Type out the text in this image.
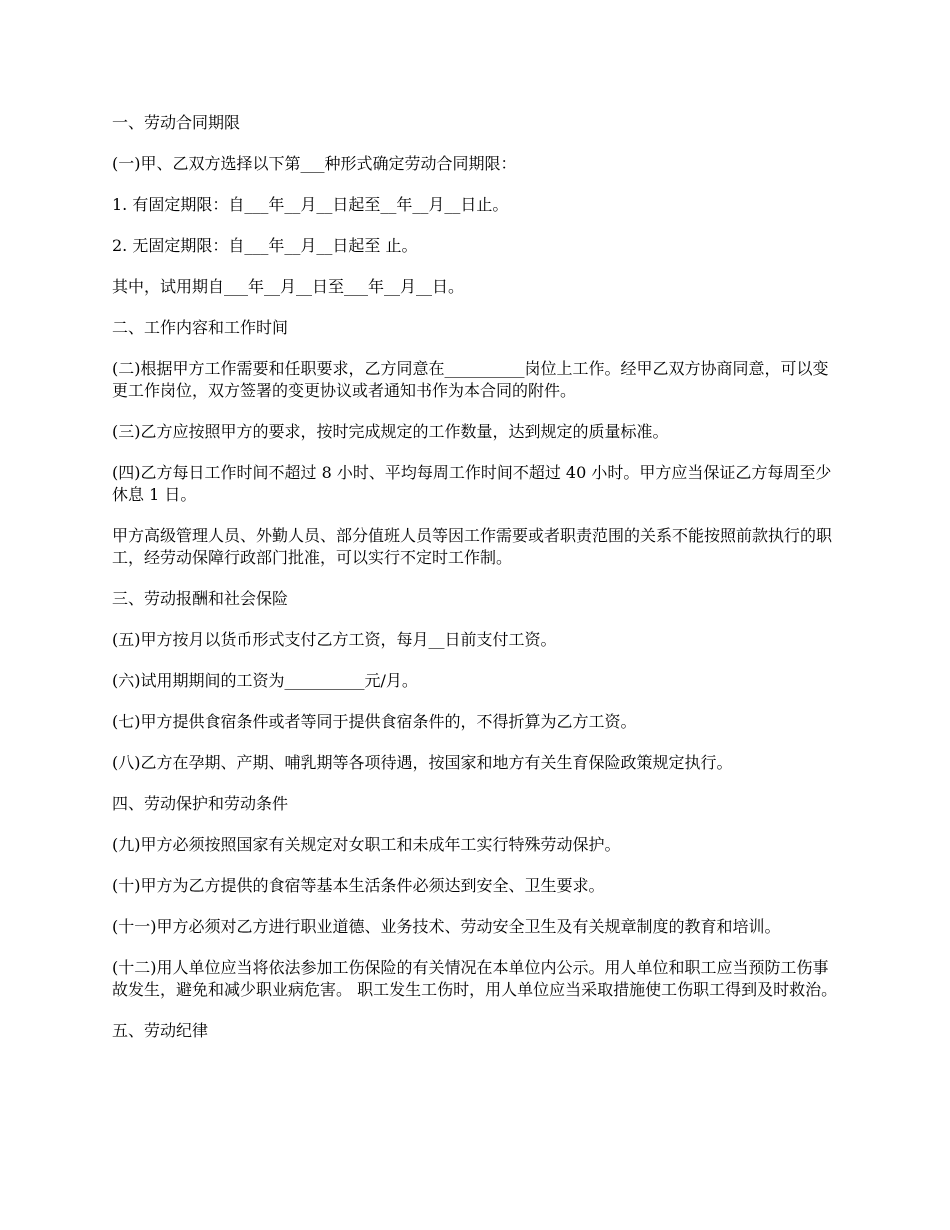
一、劳动合同期限

(一)甲、乙双方选择以下第___种形式确定劳动合同期限：

1. 有固定期限：自___年__月__日起至__年__月__日止。

2. 无固定期限：自___年__月__日起至 止。

其中，试用期自___年__月__日至___年__月__日。

二、工作内容和工作时间

(二)根据甲方工作需要和任职要求，乙方同意在__________岗位上工作。经甲乙双方协商同意，可以变更工作岗位，双方签署的变更协议或者通知书作为本合同的附件。

(三)乙方应按照甲方的要求，按时完成规定的工作数量，达到规定的质量标准。

(四)乙方每日工作时间不超过 8 小时、平均每周工作时间不超过 40 小时。甲方应当保证乙方每周至少休息 1 日。

甲方高级管理人员、外勤人员、部分值班人员等因工作需要或者职责范围的关系不能按照前款执行的职工，经劳动保障行政部门批准，可以实行不定时工作制。

三、劳动报酬和社会保险

(五)甲方按月以货币形式支付乙方工资，每月__日前支付工资。

(六)试用期期间的工资为__________元/月。

(七)甲方提供食宿条件或者等同于提供食宿条件的，不得折算为乙方工资。

(八)乙方在孕期、产期、哺乳期等各项待遇，按国家和地方有关生育保险政策规定执行。

四、劳动保护和劳动条件

(九)甲方必须按照国家有关规定对女职工和未成年工实行特殊劳动保护。

(十)甲方为乙方提供的食宿等基本生活条件必须达到安全、卫生要求。

(十一)甲方必须对乙方进行职业道德、业务技术、劳动安全卫生及有关规章制度的教育和培训。

(十二)用人单位应当将依法参加工伤保险的有关情况在本单位内公示。用人单位和职工应当预防工伤事故发生，避免和减少职业病危害。 职工发生工伤时，用人单位应当采取措施使工伤职工得到及时救治。

五、劳动纪律
